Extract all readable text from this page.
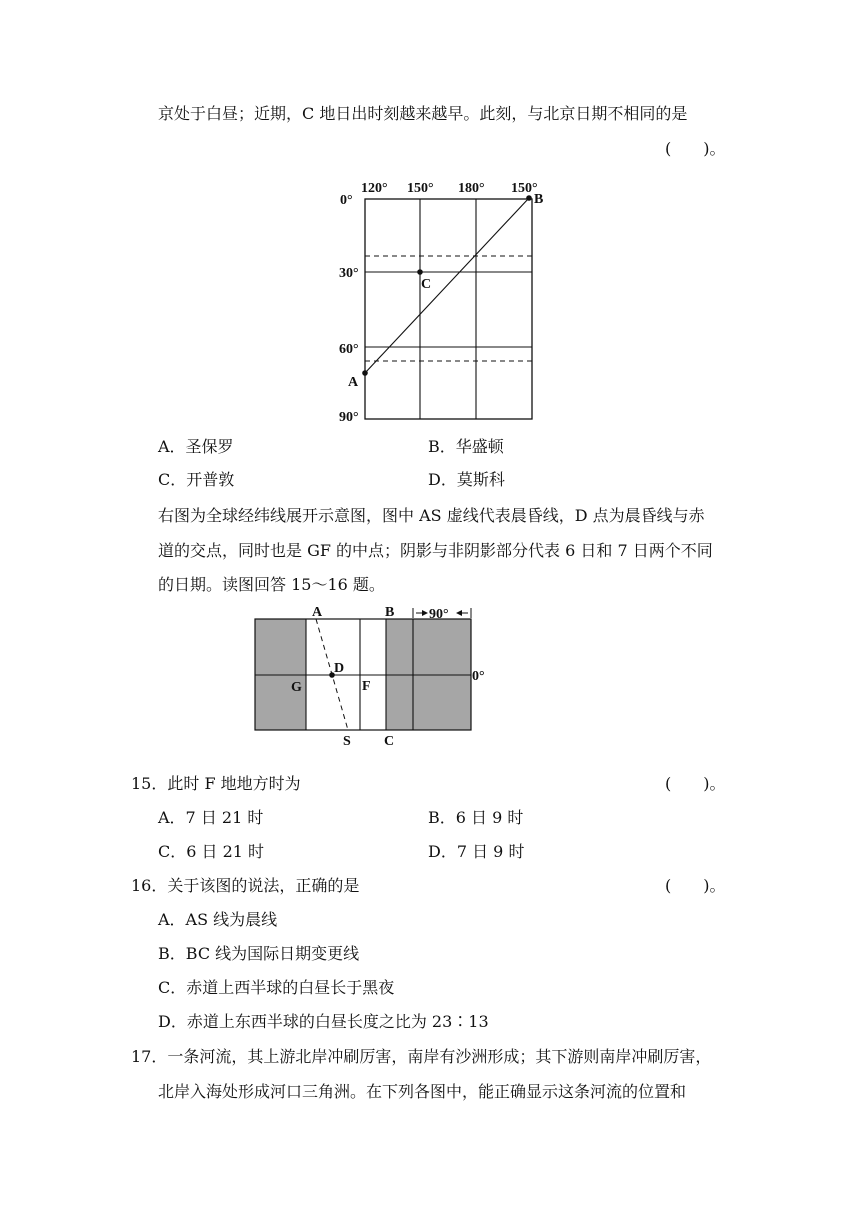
京处于白昼；近期，C 地日出时刻越来越早。此刻，与北京日期不相同的是
(　　)。
120° 150° 180° 150°
0°
30°
60°
90°
A
B
C
A．圣保罗	B．华盛顿
C．开普敦	D．莫斯科
右图为全球经纬线展开示意图，图中 AS 虚线代表晨昏线，D 点为晨昏线与赤
道的交点，同时也是 GF 的中点；阴影与非阴影部分代表 6 日和 7 日两个不同
的日期。读图回答 15～16 题。
90°
A	B
D
G	F
S C
0°
15．此时 F 地地方时为	(　　)。
A．7 日 21 时	B．6 日 9 时
C．6 日 21 时	D．7 日 9 时
16．关于该图的说法，正确的是	(　　)。
A．AS 线为晨线
B．BC 线为国际日期变更线
C．赤道上西半球的白昼长于黑夜
D．赤道上东西半球的白昼长度之比为 23∶13
17．一条河流，其上游北岸冲刷厉害，南岸有沙洲形成；其下游则南岸冲刷厉害，
北岸入海处形成河口三角洲。在下列各图中，能正确显示这条河流的位置和
